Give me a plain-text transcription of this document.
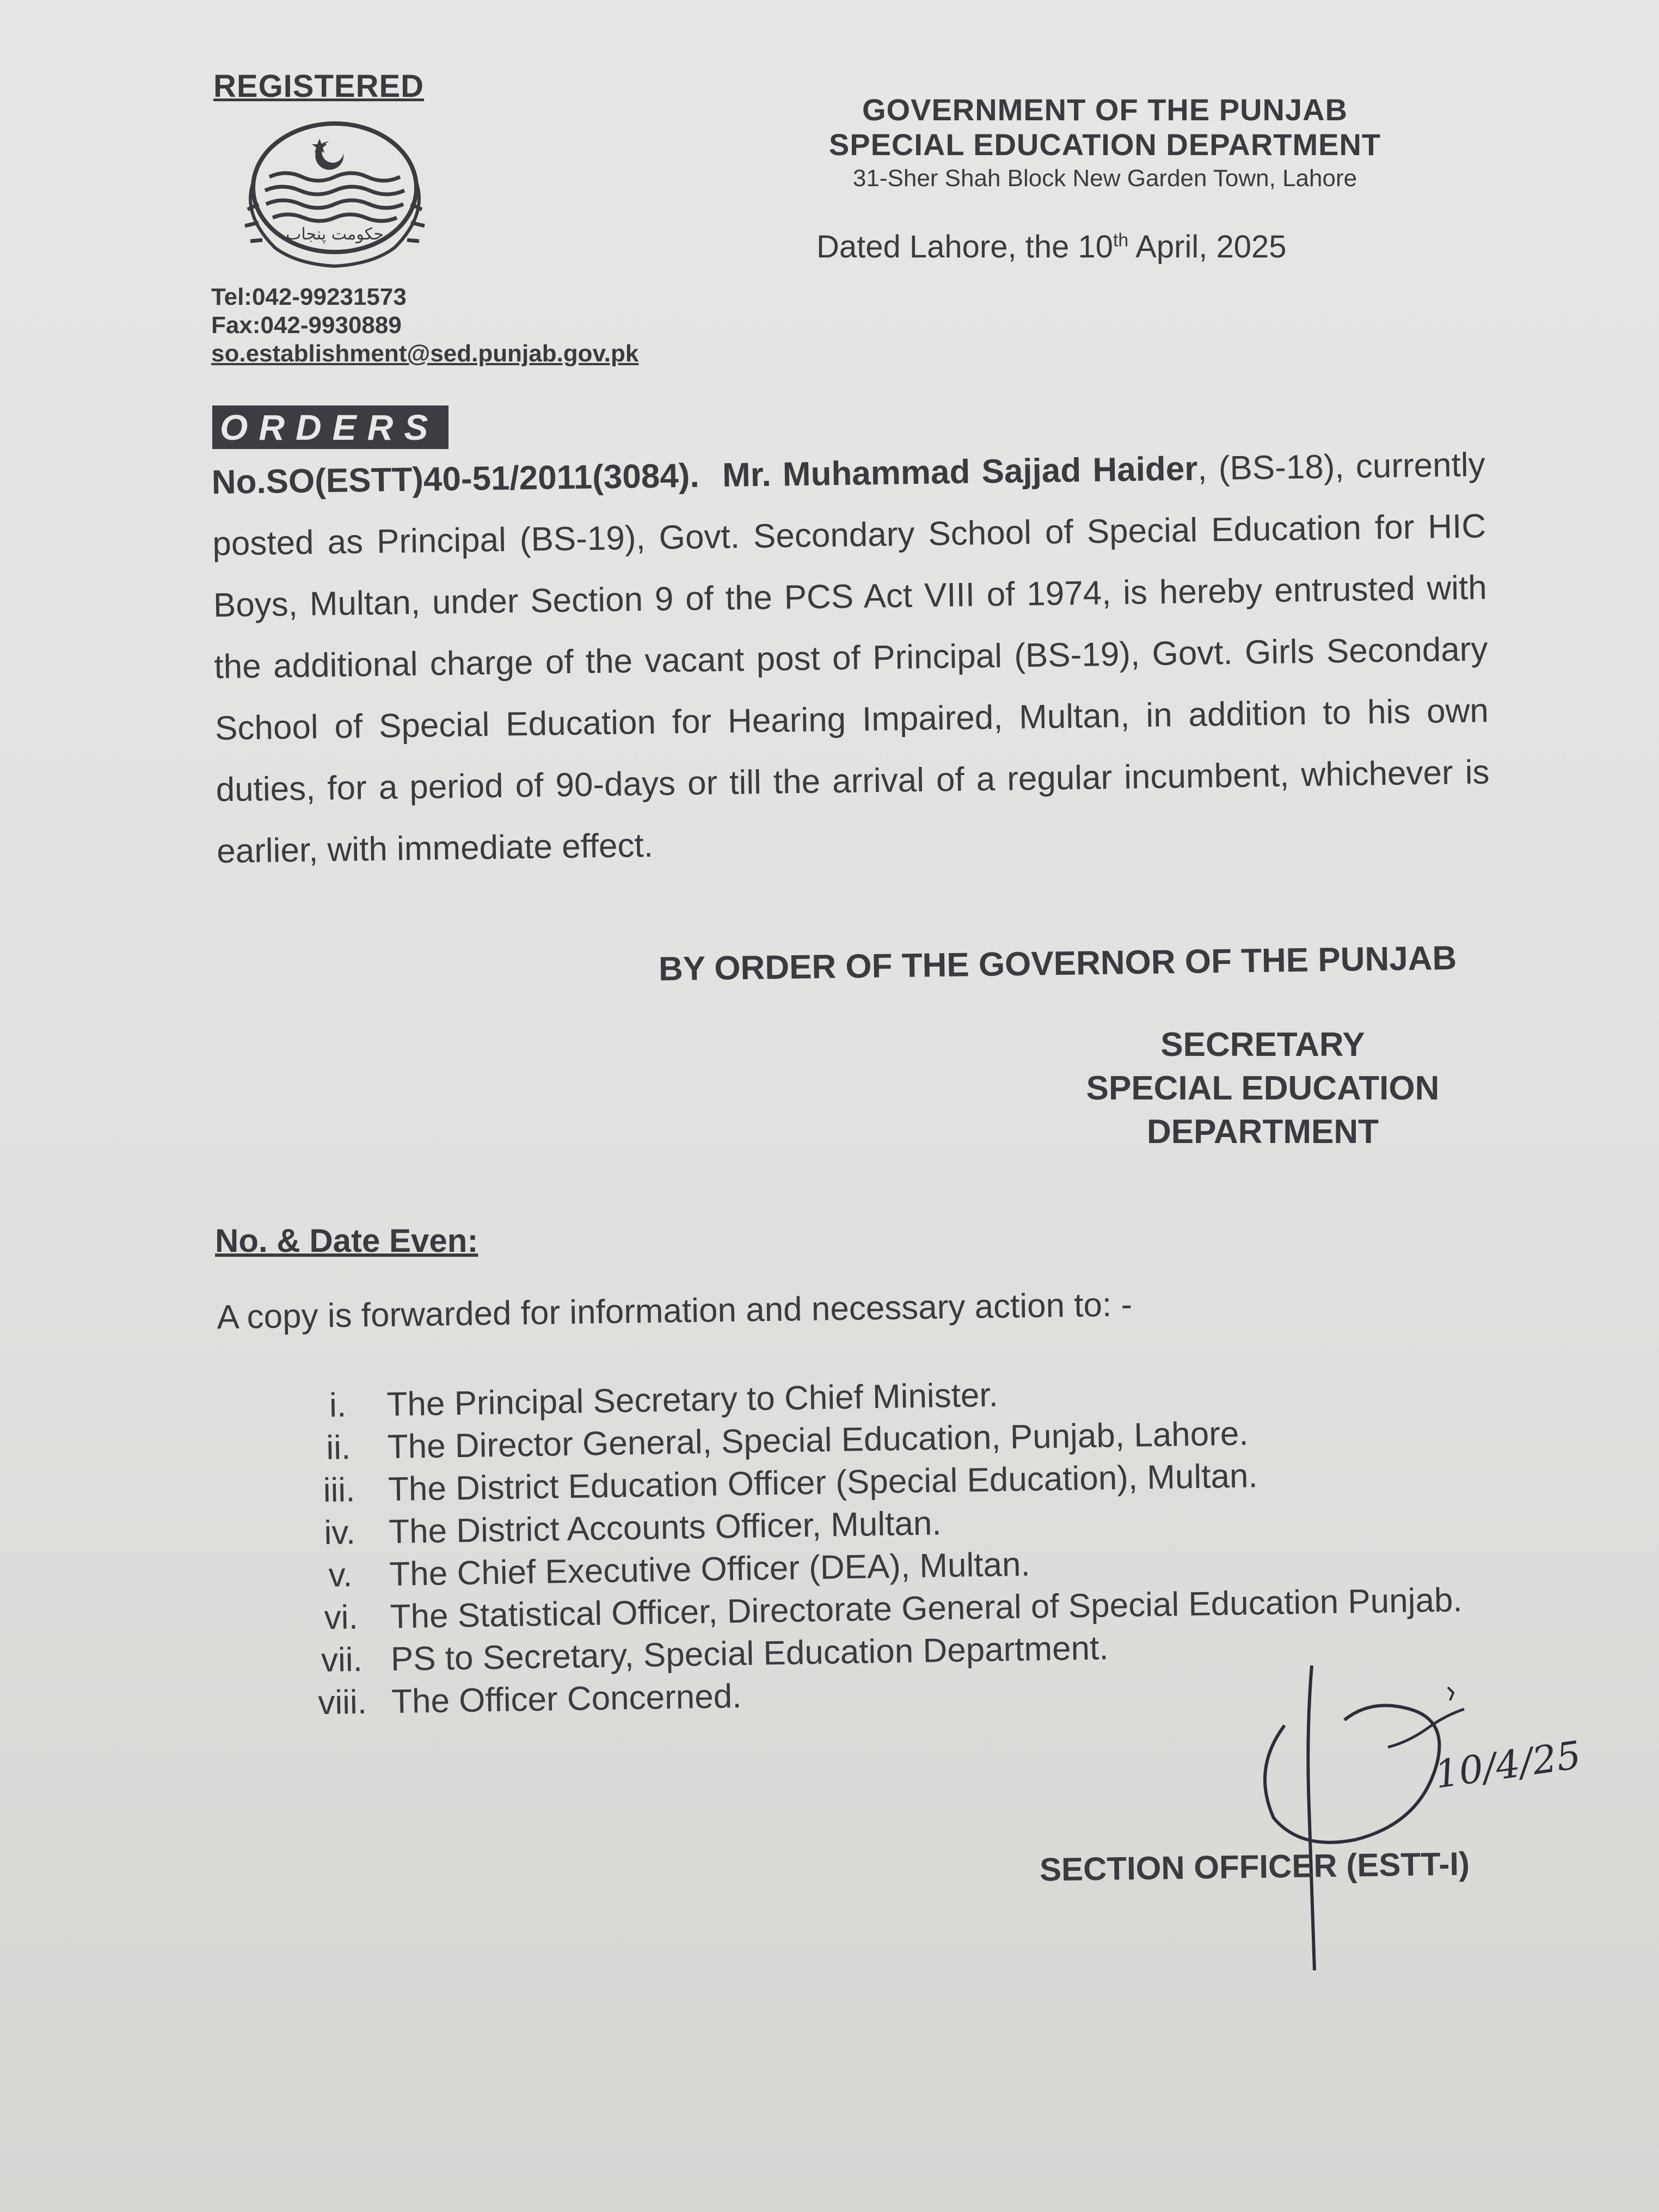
REGISTERED
حکومت پنجاب
Tel:042-99231573
Fax:042-9930889
so.establishment@sed.punjab.gov.pk
GOVERNMENT OF THE PUNJAB
SPECIAL EDUCATION DEPARTMENT
31-Sher Shah Block New Garden Town, Lahore
Dated Lahore, the 10th April, 2025
ORDERS
No.SO(ESTT)40-51/2011(3084). Mr. Muhammad Sajjad Haider, (BS-18), currently posted as Principal (BS-19), Govt. Secondary School of Special Education for HIC Boys, Multan, under Section 9 of the PCS Act VIII of 1974, is hereby entrusted with the additional charge of the vacant post of Principal (BS-19), Govt. Girls Secondary School of Special Education for Hearing Impaired, Multan, in addition to his own duties, for a period of 90-days or till the arrival of a regular incumbent, whichever is earlier, with immediate effect.
BY ORDER OF THE GOVERNOR OF THE PUNJAB
SECRETARY
SPECIAL EDUCATION
DEPARTMENT
No. & Date Even:
A copy is forwarded for information and necessary action to: -
i.	The Principal Secretary to Chief Minister.
ii.	The Director General, Special Education, Punjab, Lahore.
iii. The District Education Officer (Special Education), Multan.
iv. The District Accounts Officer, Multan.
v.	The Chief Executive Officer (DEA), Multan.
vi. The Statistical Officer, Directorate General of Special Education Punjab.
vii. PS to Secretary, Special Education Department.
viii. The Officer Concerned.
10/4/25
SECTION OFFICER (ESTT-I)
